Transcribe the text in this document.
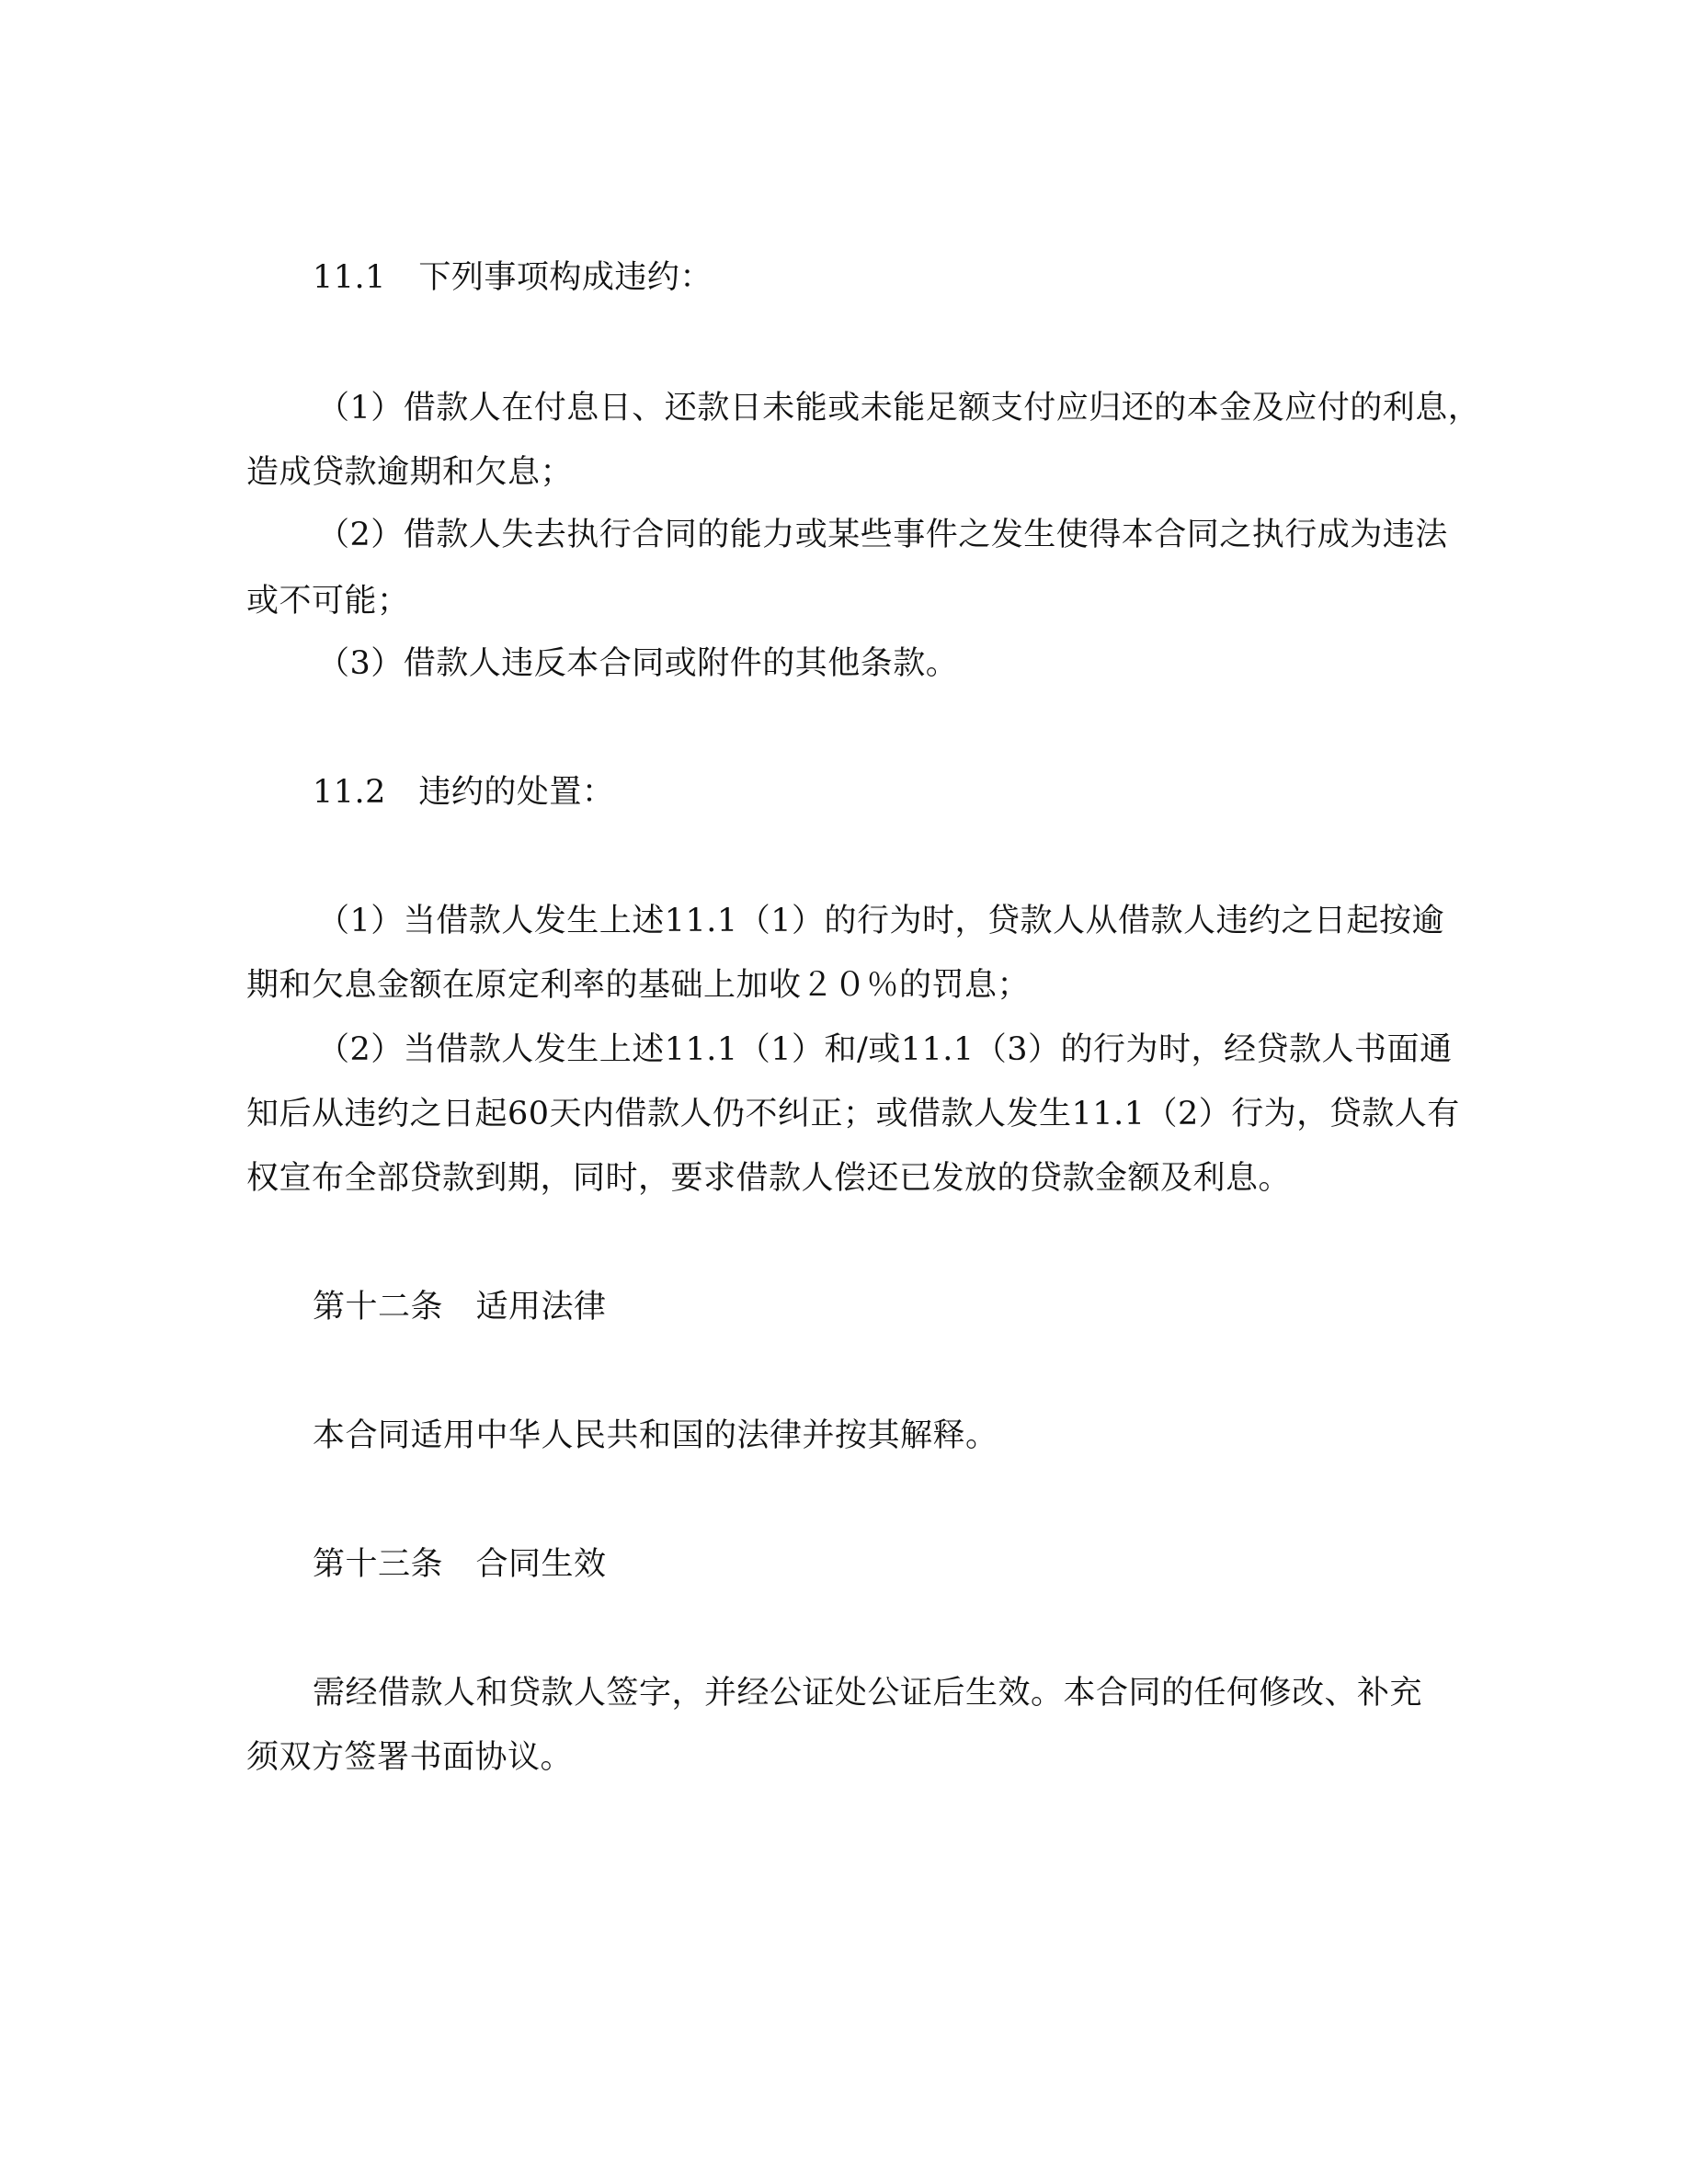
11.1　下列事项构成违约：
（1）借款人在付息日、还款日未能或未能足额支付应归还的本金及应付的利息，
造成贷款逾期和欠息；
（2）借款人失去执行合同的能力或某些事件之发生使得本合同之执行成为违法
或不可能；
（3）借款人违反本合同或附件的其他条款。
11.2　违约的处置：
（1）当借款人发生上述11.1（1）的行为时，贷款人从借款人违约之日起按逾
期和欠息金额在原定利率的基础上加收２０％的罚息；
（2）当借款人发生上述11.1（1）和/或11.1（3）的行为时，经贷款人书面通
知后从违约之日起60天内借款人仍不纠正；或借款人发生11.1（2）行为，贷款人有
权宣布全部贷款到期，同时，要求借款人偿还已发放的贷款金额及利息。
第十二条　适用法律
本合同适用中华人民共和国的法律并按其解释。
第十三条　合同生效
需经借款人和贷款人签字，并经公证处公证后生效。本合同的任何修改、补充
须双方签署书面协议。
